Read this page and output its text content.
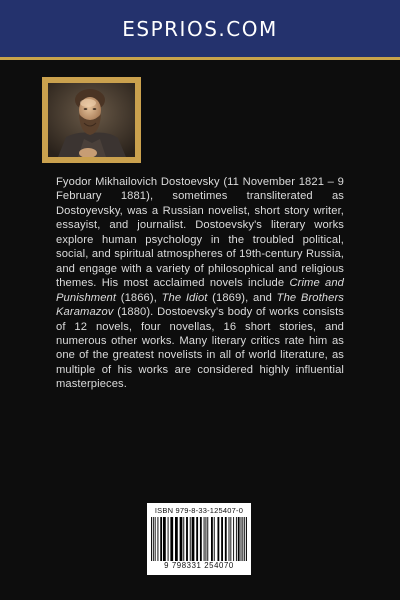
ESPRIOS.COM

Fyodor Mikhailovich Dostoevsky (11 November 1821 – 9 February 1881), sometimes transliterated as Dostoyevsky, was a Russian novelist, short story writer, essayist, and journalist. Dostoevsky's literary works explore human psychology in the troubled political, social, and spiritual atmospheres of 19th-century Russia, and engage with a variety of philosophical and religious themes. His most acclaimed novels include Crime and Punishment (1866), The Idiot (1869), and The Brothers Karamazov (1880). Dostoevsky's body of works consists of 12 novels, four novellas, 16 short stories, and numerous other works. Many literary critics rate him as one of the greatest novelists in all of world literature, as multiple of his works are considered highly influential masterpieces.

ISBN 979-8-33-125407-0
9 798331 254070
